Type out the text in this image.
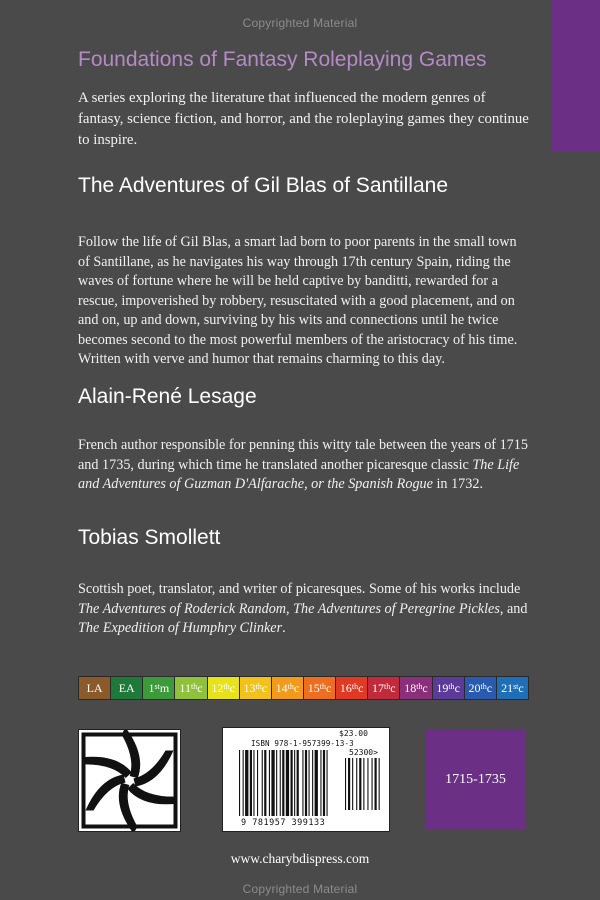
Copyrighted Material
Foundations of Fantasy Roleplaying Games
A series exploring the literature that influenced the modern genres of fantasy, science fiction, and horror, and the roleplaying games they continue to inspire.
The Adventures of Gil Blas of Santillane
Follow the life of Gil Blas, a smart lad born to poor parents in the small town of Santillane, as he navigates his way through 17th century Spain, riding the waves of fortune where he will be held captive by banditti, rewarded for a rescue, impoverished by robbery, resuscitated with a good placement, and on and on, up and down, surviving by his wits and connections until he twice becomes second to the most powerful members of the aristocracy of his time. Written with verve and humor that remains charming to this day.
Alain-René Lesage
French author responsible for penning this witty tale between the years of 1715 and 1735, during which time he translated another picaresque classic The Life and Adventures of Guzman D'Alfarache, or the Spanish Rogue in 1732.
Tobias Smollett
Scottish poet, translator, and writer of picaresques. Some of his works include The Adventures of Roderick Random, The Adventures of Peregrine Pickles, and The Expedition of Humphry Clinker.
LA EA 1st m 11th c 12th c 13th c 14th c 15th c 16th c 17th c 18th c 19th c 20th c 21st c
$23.00
ISBN 978-1-957399-13-3
52300>
9 781957 399133
1715-1735
www.charybdispress.com
Copyrighted Material
